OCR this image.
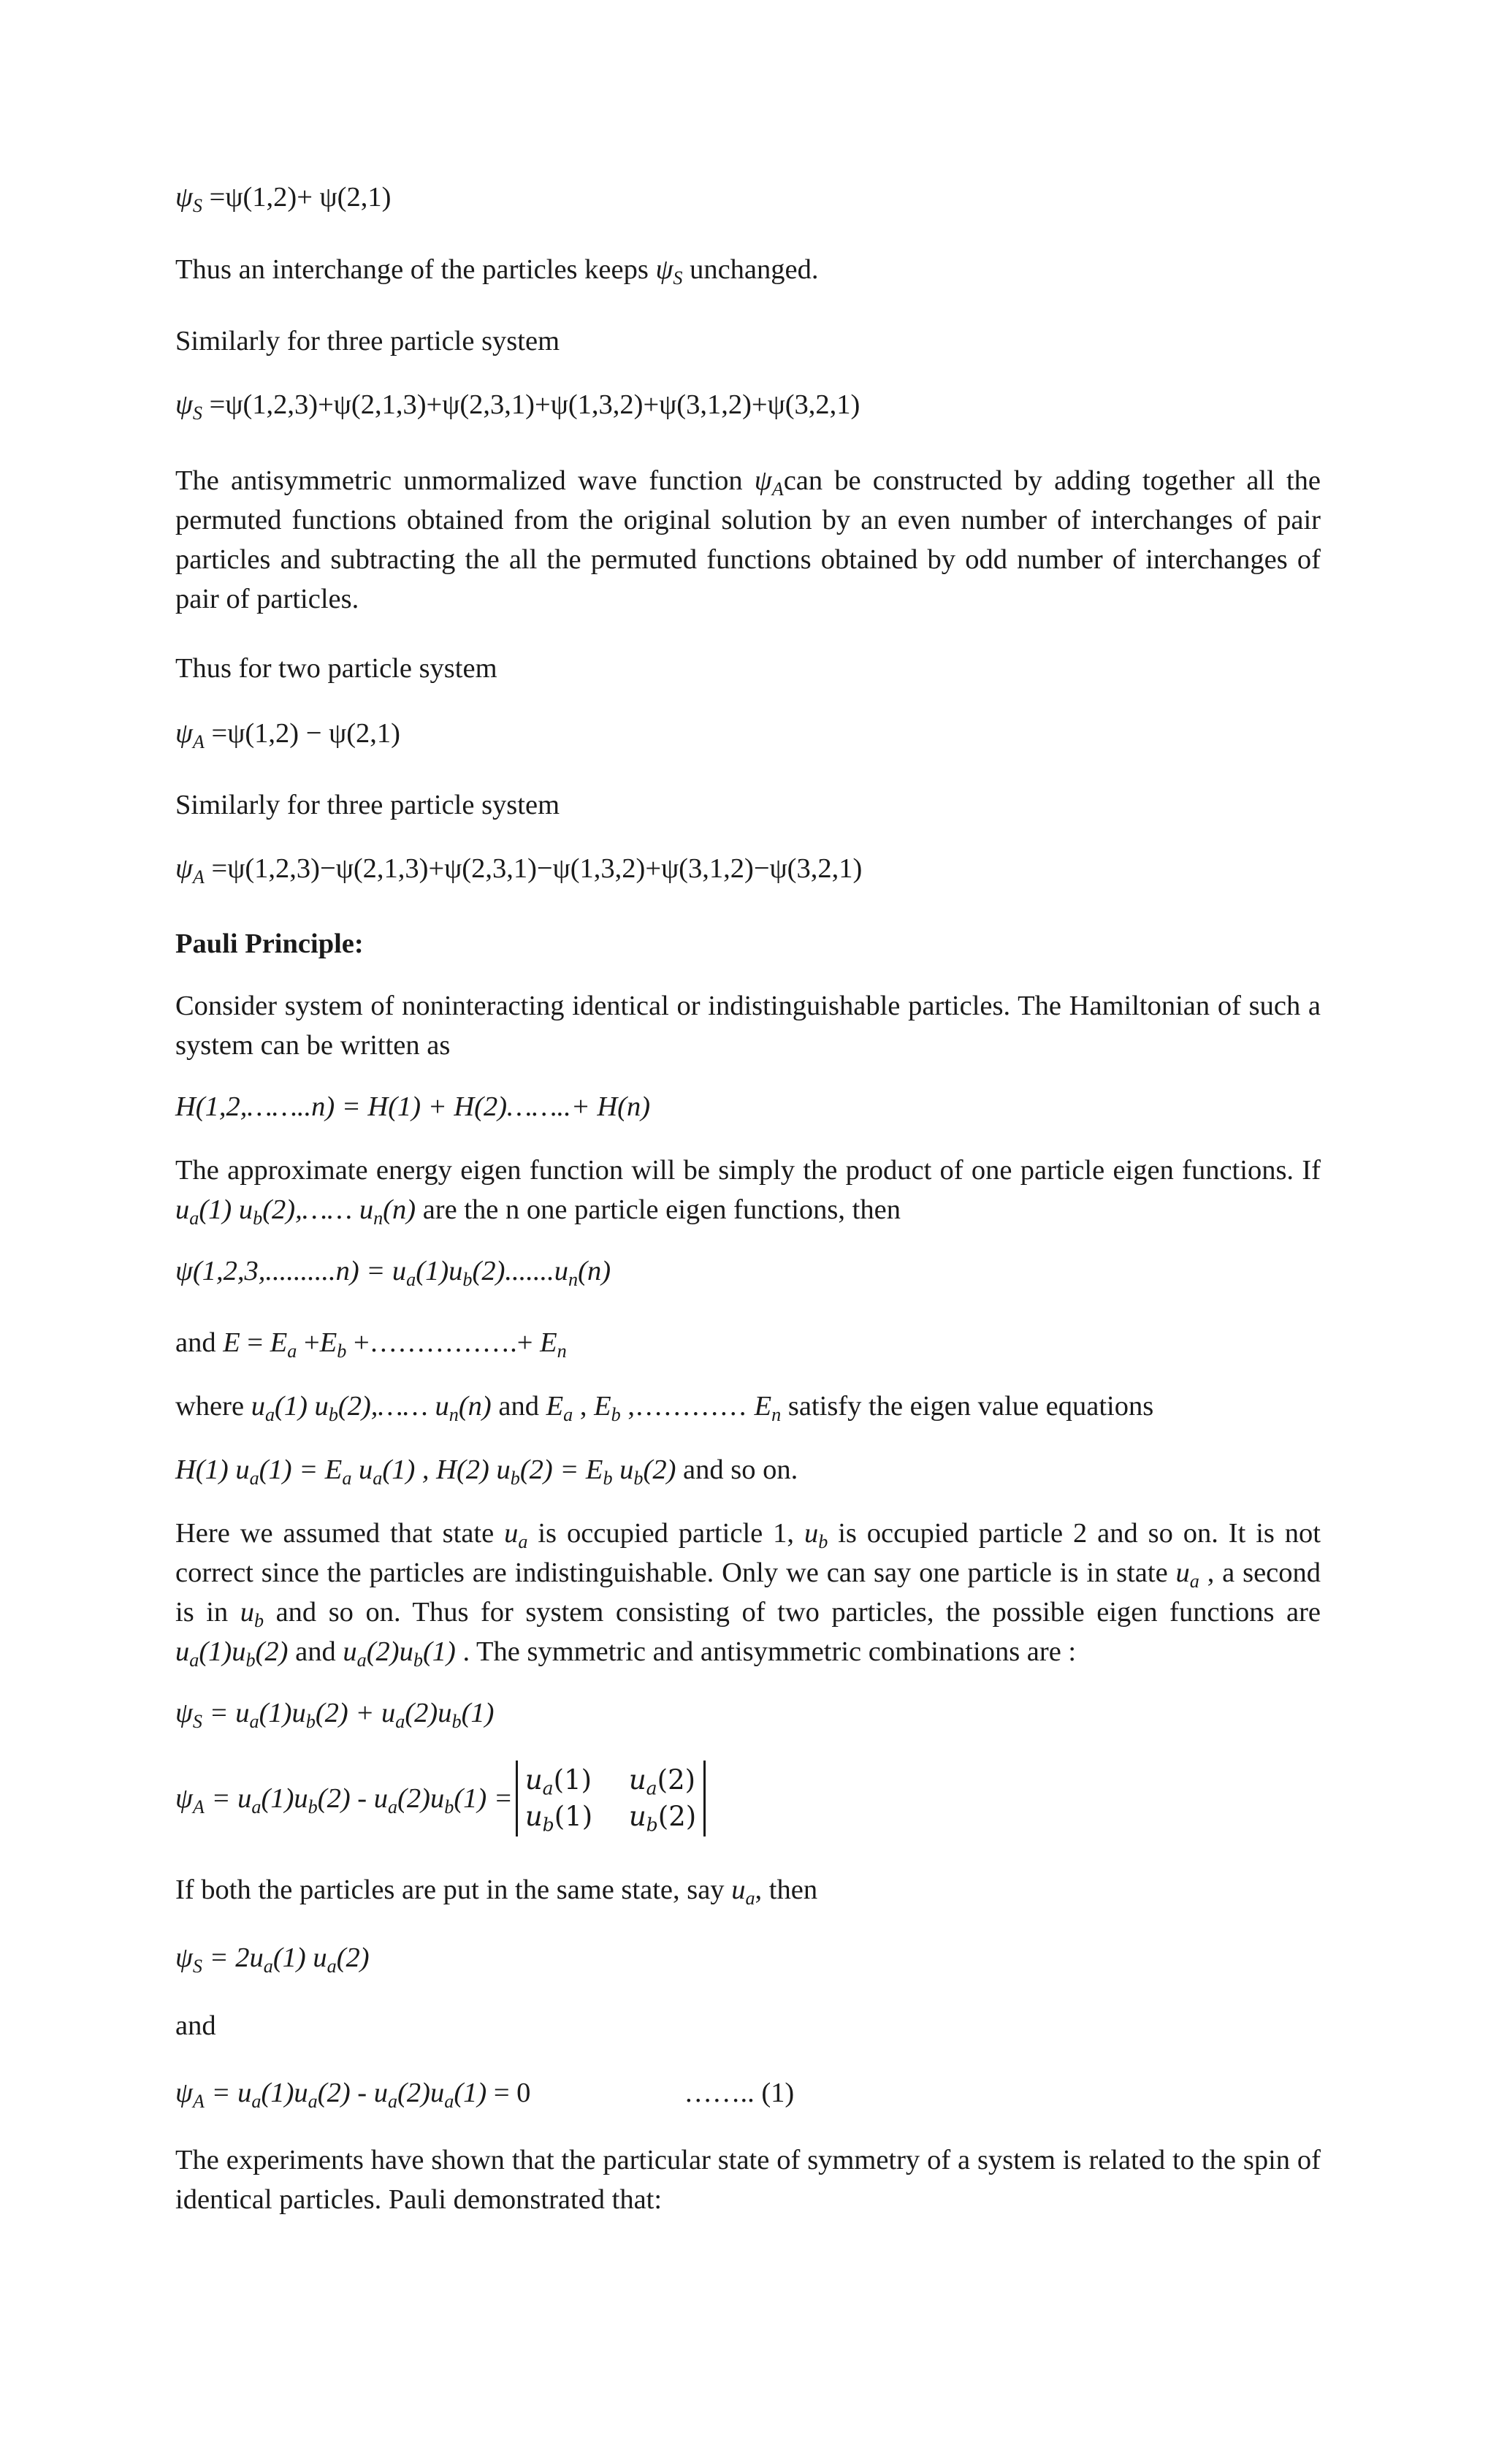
$\psi_S =\psi(1,2)+ \psi(2,1)$

Thus an interchange of the particles keeps $\psi_S$ unchanged.

Similarly for three particle system

$\psi_S =\psi(1,2,3)+\psi(2,1,3)+\psi(2,3,1)+\psi(1,3,2)+\psi(3,1,2)+\psi(3,2,1)$

The antisymmetric unmormalized wave function $\psi_Acan$ be constructed by adding together all the permuted functions obtained from the original solution by an even number of interchanges of pair particles and subtracting the all the permuted functions obtained by odd number of interchanges of pair of particles.

Thus for two particle system

$\psi_A =\psi(1,2) - \psi(2,1)$

Similarly for three particle system

$\psi_A =\psi(1,2,3)-\psi(2,1,3)+\psi(2,3,1)-\psi(1,3,2)+\psi(3,1,2)-\psi(3,2,1)$

Pauli Principle:

Consider system of noninteracting identical or indistinguishable particles. The Hamiltonian of such a system can be written as

H(1,2,……..n) = H(1) + H(2)……..+ H(n)

The approximate energy eigen function will be simply the product of one particle eigen functions. If $u_a(1)$ $u_b(2),\dots\dots$ $u_n(n)$ are the n one particle eigen functions, then

$\psi(1,2,3,..........n) = u_a(1)u_b(2).......u_n(n)$

and $E = E_a +E_b$ +…………….+ $E_n$

where $u_a(1)$ $u_b(2),\dots\dots$ $u_n(n)$ and $E_a$ , $E_b$ ,………… $E_n$ satisfy the eigen value equations

H(1) $u_a(1) = E_a$ $u_a(1)$ , H(2) $u_b(2) = E_b$ $u_b(2)$ and so on.

Here we assumed that state $u_a$ is occupied particle 1, $u_b$ is occupied particle 2 and so on. It is not correct since the particles are indistinguishable. Only we can say one particle is in state $u_a$ , a second is in $u_b$ and so on. Thus for system consisting of two particles, the possible eigen functions are $u_a(1)u_b(2)$ and $u_a(2)u_b(1)$ . The symmetric and antisymmetric combinations are :

$\psi_S = u_a(1)u_b(2) + u_a(2)u_b(1)$

$\psi_A = u_a(1)u_b(2) - u_a(2)u_b(1)$ =
$u_a(1)$ $u_a(2)$
$u_b(1)$ $u_b(2)$

If both the particles are put in the same state, say $u_a$, then

$\psi_S = 2u_a(1)$ $u_a(2)$

and

$\psi_A = u_a(1)u_a(2) - u_a(2)u_a(1) = 0$	…….. (1)

The experiments have shown that the particular state of symmetry of a system is related to the spin of identical particles. Pauli demonstrated that:
